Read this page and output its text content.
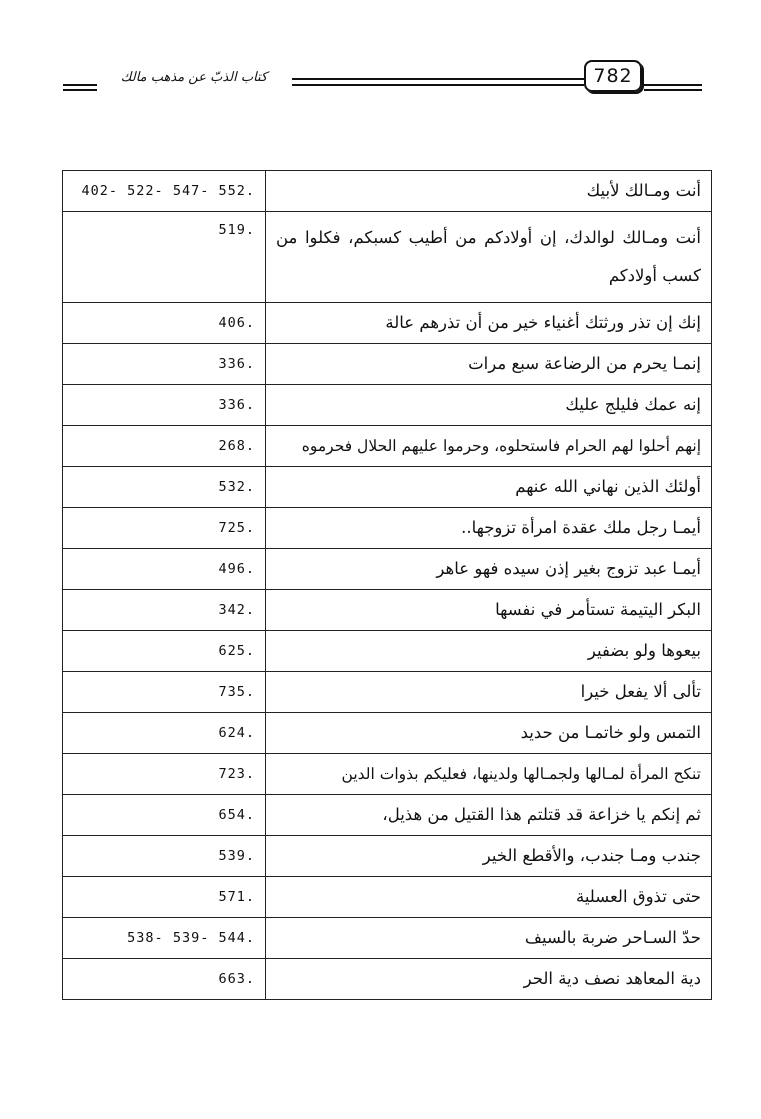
كتاب الذبّ عن مذهب مالك	782
.552 -547 -522 -402	أنت ومـالك لأبيك
.519	أنت ومـالك لوالدك، إن أولادكم من أطيب كسبكم، فكلوا من كسب أولادكم
.406	إنك إن تذر ورثتك أغنياء خير من أن تذرهم عالة
.336	إنمـا يحرم من الرضاعة سبع مرات
.336	إنه عمك فليلج عليك
.268	إنهم أحلوا لهم الحرام فاستحلوه، وحرموا عليهم الحلال فحرموه
.532	أولئك الذين نهاني الله عنهم
.725	أيمـا رجل ملك عقدة امرأة تزوجها..
.496	أيمـا عبد تزوج بغير إذن سيده فهو عاهر
.342	البكر اليتيمة تستأمر في نفسها
.625	بيعوها ولو بضفير
.735	تألى ألا يفعل خيرا
.624	التمس ولو خاتمـا من حديد
.723	تنكح المرأة لمـالها ولجمـالها ولدينها، فعليكم بذوات الدين
.654	ثم إنكم يا خزاعة قد قتلتم هذا القتيل من هذيل،
.539	جندب ومـا جندب، والأقطع الخير
.571	حتى تذوق العسلية
.544 -539 -538	حدّ السـاحر ضربة بالسيف
.663	دية المعاهد نصف دية الحر
